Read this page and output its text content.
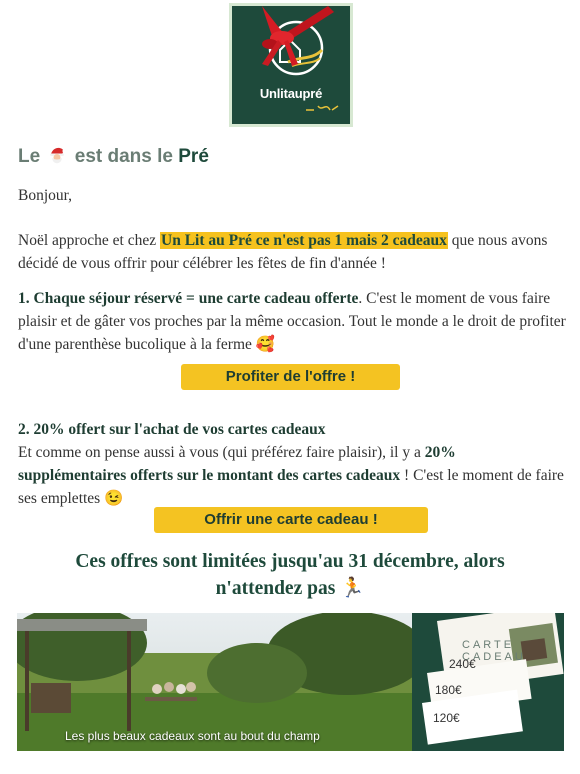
Unlitaupré
Le est dans le Pré
Bonjour,
Noël approche et chez Un Lit au Pré ce n'est pas 1 mais 2 cadeaux que nous avons décidé de vous offrir pour célébrer les fêtes de fin d'année !
1. Chaque séjour réservé = une carte cadeau offerte. C'est le moment de vous faire plaisir et de gâter vos proches par la même occasion. Tout le monde a le droit de profiter d'une parenthèse bucolique à la ferme 🥰
Profiter de l'offre !
2. 20% offert sur l'achat de vos cartes cadeaux
Et comme on pense aussi à vous (qui préférez faire plaisir), il y a 20% supplémentaires offerts sur le montant des cartes cadeaux ! C'est le moment de faire ses emplettes 😉
Offrir une carte cadeau !
Ces offres sont limitées jusqu'au 31 décembre, alors n'attendez pas 🏃
CARTE CADEAU
240€
180€
120€
Les plus beaux cadeaux sont au bout du champ
